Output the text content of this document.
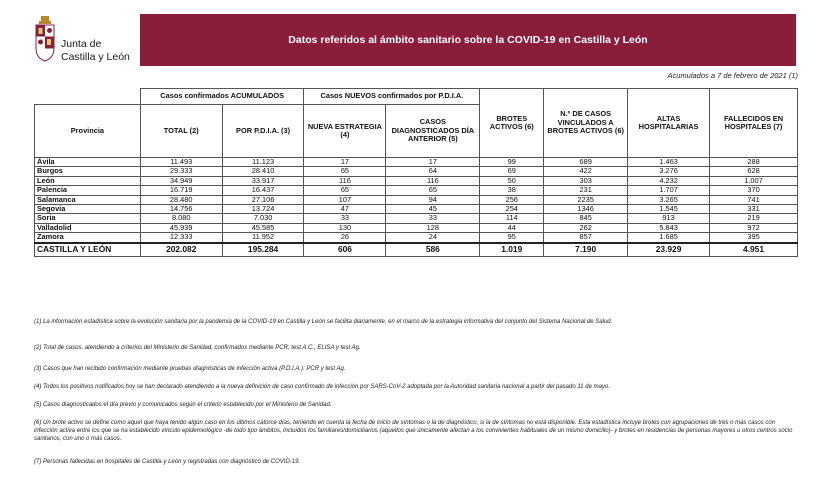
Junta de
Castilla y León
Datos referidos al ámbito sanitario sobre la COVID-19 en Castilla y León
Acumulados a 7 de febrero de 2021 (1)
	Casos confirmados ACUMULADOS		Casos NUEVOS confirmados por P.D.I.A.		BROTES ACTIVOS (6)	N.º DE CASOS VINCULADOS A BROTES ACTIVOS (6)	ALTAS HOSPITALARIAS	FALLECIDOS EN HOSPITALES (7)
Provincia	TOTAL (2)	POR P.D.I.A. (3)	NUEVA ESTRATEGIA (4)	CASOS DIAGNOSTICADOS DÍA ANTERIOR (5)				
Ávila	11.493	11.123	17	17	99	689	1.463	288
Burgos	29.333	28.410	65	64	69	422	3.276	628
León	34.949	33.917	116	116	50	303	4.232	1.007
Palencia	16.719	16.437	65	65	38	231	1.707	370
Salamanca	28.480	27.106	107	94	256	2235	3.265	741
Segovia	14.756	13.724	47	45	254	1346	1.545	331
Soria	8.080	7.030	33	33	114	845	913	219
Valladolid	45.939	45.585	130	128	44	262	5.843	972
Zamora	12.333	11.952	26	24	95	857	1.685	395
CASTILLA Y LEÓN	202.082	195.284	606	586	1.019	7.190	23.929	4.951
(1) La información estadística sobre la evolución sanitaria por la pandemia de la COVID-19 en Castilla y León se facilita diariamente, en el marco de la estrategia informativa del conjunto del Sistema Nacional de Salud.
(2) Total de casos, atendiendo a criterios del Ministerio de Sanidad, confirmados mediante PCR, test A.C., ELISA y test Ag.
(3) Casos que han recibido confirmación mediante pruebas diagnósticas de infección activa (P.D.I.A.): PCR y test Ag.
(4) Todos los positivos notificados hoy se han declarado atendiendo a la nueva definición de caso confirmado de infección por SARS-CoV-2 adoptada por la Autoridad sanitaria nacional a partir del pasado 11 de mayo.
(5) Casos diagnosticados el día previo y comunicados según el criterio establecido por el Ministerio de Sanidad.
(6) Un brote activo se define como aquel que haya tenido algún caso en los últimos catorce días, teniendo en cuenta la fecha de inicio de síntomas o la de diagnóstico, si la de síntomas no está disponible. Esta estadística incluye brotes con agrupaciones de tres o más casos con infección activa entre los que se ha establecido vínculo epidemiológico -de todo tipo ámbitos, incluidos los familiares/domiciliarios (aquellos que únicamente afectan a los convivientes habituales de un mismo domicilio)- y brotes en residencias de personas mayores u otros centros socio sanitarios, con uno o más casos.
(7) Personas fallecidas en hospitales de Castilla y León y registradas con diagnóstico de COVID-19.
